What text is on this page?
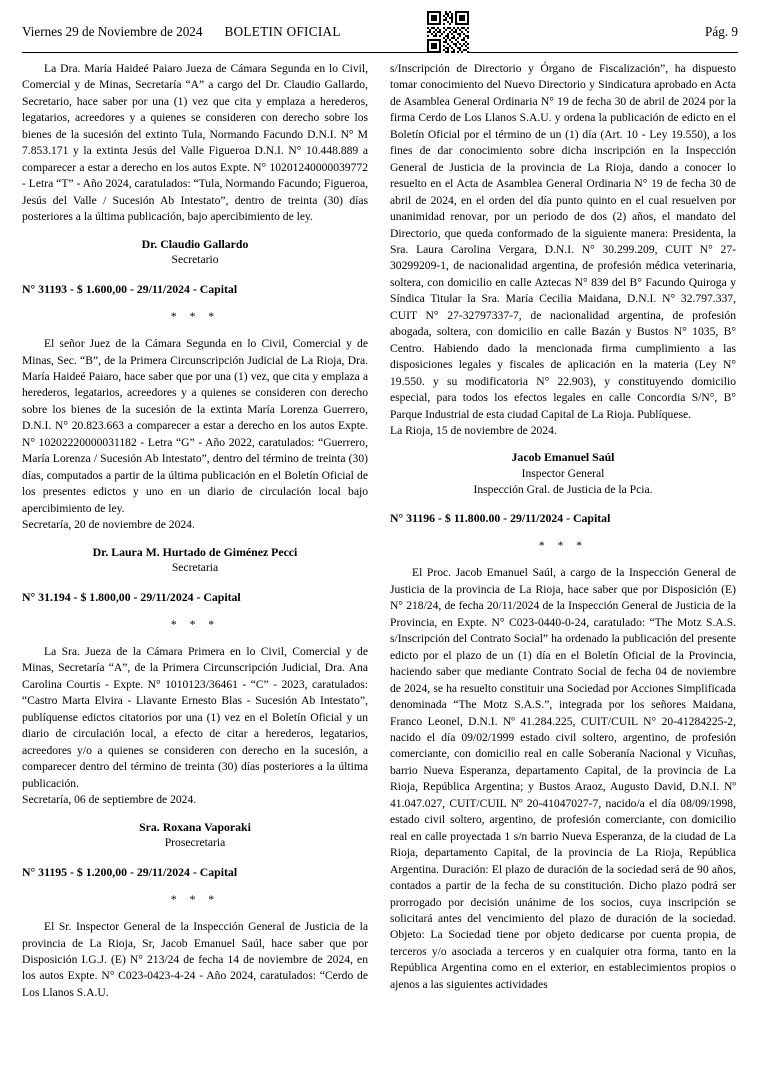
Viernes 29 de Noviembre de 2024 BOLETIN OFICIAL	Pág. 9

La Dra. María Haideé Paiaro Jueza de Cámara Segunda en lo Civil, Comercial y de Minas, Secretaría “A” a cargo del Dr. Claudio Gallardo, Secretario, hace saber por una (1) vez que cita y emplaza a herederos, legatarios, acreedores y a quienes se consideren con derecho sobre los bienes de la sucesión del extinto Tula, Normando Facundo D.N.I. N° M 7.853.171 y la extinta Jesús del Valle Figueroa D.N.I. N° 10.448.889 a comparecer a estar a derecho en los autos Expte. N° 10201240000039772 - Letra “T” - Año 2024, caratulados: “Tula, Normando Facundo; Figueroa, Jesús del Valle / Sucesión Ab Intestato”, dentro de treinta (30) días posteriores a la última publicación, bajo apercibimiento de ley.

Dr. Claudio Gallardo
Secretario
N° 31193 - $ 1.600,00 - 29/11/2024 - Capital
* * *

El señor Juez de la Cámara Segunda en lo Civil, Comercial y de Minas, Sec. “B”, de la Primera Circunscripción Judicial de La Rioja, Dra. María Haideé Paiaro, hace saber que por una (1) vez, que cita y emplaza a herederos, legatarios, acreedores y a quienes se consideren con derecho sobre los bienes de la sucesión de la extinta María Lorenza Guerrero, D.N.I. N° 20.823.663 a comparecer a estar a derecho en los autos Expte. N° 10202220000031182 - Letra “G” - Año 2022, caratulados: “Guerrero, María Lorenza / Sucesión Ab Intestato”, dentro del término de treinta (30) días, computados a partir de la última publicación en el Boletín Oficial de los presentes edictos y uno en un diario de circulación local bajo apercibimiento de ley.

Secretaría, 20 de noviembre de 2024.

Dr. Laura M. Hurtado de Giménez Pecci
Secretaria
N° 31.194 - $ 1.800,00 - 29/11/2024 - Capital
* * *

La Sra. Jueza de la Cámara Primera en lo Civil, Comercial y de Minas, Secretaría “A”, de la Primera Circunscripción Judicial, Dra. Ana Carolina Courtis - Expte. N° 1010123/36461 - “C” - 2023, caratulados: “Castro Marta Elvira - Llavante Ernesto Blas - Sucesión Ab Intestato”, publíquense edictos citatorios por una (1) vez en el Boletín Oficial y un diario de circulación local, a efecto de citar a herederos, legatarios, acreedores y/o a quienes se consideren con derecho en la sucesión, a comparecer dentro del término de treinta (30) días posteriores a la última publicación.

Secretaría, 06 de septiembre de 2024.

Sra. Roxana Vaporaki
Prosecretaria
N° 31195 - $ 1.200,00 - 29/11/2024 - Capital
* * *

El Sr. Inspector General de la Inspección General de Justicia de la provincia de La Rioja, Sr, Jacob Emanuel Saúl, hace saber que por Disposición I.G.J. (E) N° 213/24 de fecha 14 de noviembre de 2024, en los autos Expte. N° C023-0423-4-24 - Año 2024, caratulados: “Cerdo de Los Llanos S.A.U.

s/Inscripción de Directorio y Órgano de Fiscalización”, ha dispuesto tomar conocimiento del Nuevo Directorio y Sindicatura aprobado en Acta de Asamblea General Ordinaria N° 19 de fecha 30 de abril de 2024 por la firma Cerdo de Los Llanos S.A.U. y ordena la publicación de edicto en el Boletín Oficial por el término de un (1) día (Art. 10 - Ley 19.550), a los fines de dar conocimiento sobre dicha inscripción en la Inspección General de Justicia de la provincia de La Rioja, dando a conocer lo resuelto en el Acta de Asamblea General Ordinaria N° 19 de fecha 30 de abril de 2024, en el orden del día punto quinto en el cual resuelven por unanimidad renovar, por un periodo de dos (2) años, el mandato del Directorio, que queda conformado de la siguiente manera: Presidenta, la Sra. Laura Carolina Vergara, D.N.I. N° 30.299.209, CUIT N° 27-30299209-1, de nacionalidad argentina, de profesión médica veterinaria, soltera, con domicilio en calle Aztecas N° 839 del B° Facundo Quiroga y Síndica Titular la Sra. María Cecilia Maidana, D.N.I. N° 32.797.337, CUIT N° 27-32797337-7, de nacionalidad argentina, de profesión abogada, soltera, con domicilio en calle Bazán y Bustos N° 1035, B° Centro. Habiendo dado la mencionada firma cumplimiento a las disposiciones legales y fiscales de aplicación en la materia (Ley N° 19.550. y su modificatoria N° 22.903), y constituyendo domicilio especial, para todos los efectos legales en calle Concordia S/N°, B° Parque Industrial de esta ciudad Capital de La Rioja. Publíquese.

La Rioja, 15 de noviembre de 2024.

Jacob Emanuel Saúl
Inspector General
Inspección Gral. de Justicia de la Pcia.
N° 31196 - $ 11.800.00 - 29/11/2024 - Capital
* * *

El Proc. Jacob Emanuel Saúl, a cargo de la Inspección General de Justicia de la provincia de La Rioja, hace saber que por Disposición (E) N° 218/24, de fecha 20/11/2024 de la Inspección General de Justicia de la Provincia, en Expte. N° C023-0440-0-24, caratulado: “The Motz S.A.S. s/Inscripción del Contrato Social” ha ordenado la publicación del presente edicto por el plazo de un (1) día en el Boletín Oficial de la Provincia, haciendo saber que mediante Contrato Social de fecha 04 de noviembre de 2024, se ha resuelto constituir una Sociedad por Acciones Simplificada denominada “The Motz S.A.S.”, integrada por los señores Maidana, Franco Leonel, D.N.I. Nº 41.284.225, CUIT/CUIL N° 20-41284225-2, nacido el día 09/02/1999 estado civil soltero, argentino, de profesión comerciante, con domicilio real en calle Soberanía Nacional y Vicuñas, barrio Nueva Esperanza, departamento Capital, de la provincia de La Rioja, República Argentina; y Bustos Araoz, Augusto David, D.N.I. Nº 41.047.027, CUIT/CUIL Nº 20-41047027-7, nacido/a el día 08/09/1998, estado civil soltero, argentino, de profesión comerciante, con domicilio real en calle proyectada 1 s/n barrio Nueva Esperanza, de la ciudad de La Rioja, departamento Capital, de la provincia de La Rioja, República Argentina. Duración: El plazo de duración de la sociedad será de 90 años, contados a partir de la fecha de su constitución. Dicho plazo podrá ser prorrogado por decisión unánime de los socios, cuya inscripción se solicitará antes del vencimiento del plazo de duración de la sociedad. Objeto: La Sociedad tiene por objeto dedicarse por cuenta propia, de terceros y/o asociada a terceros y en cualquier otra forma, tanto en la República Argentina como en el exterior, en establecimientos propios o ajenos a las siguientes actividades
